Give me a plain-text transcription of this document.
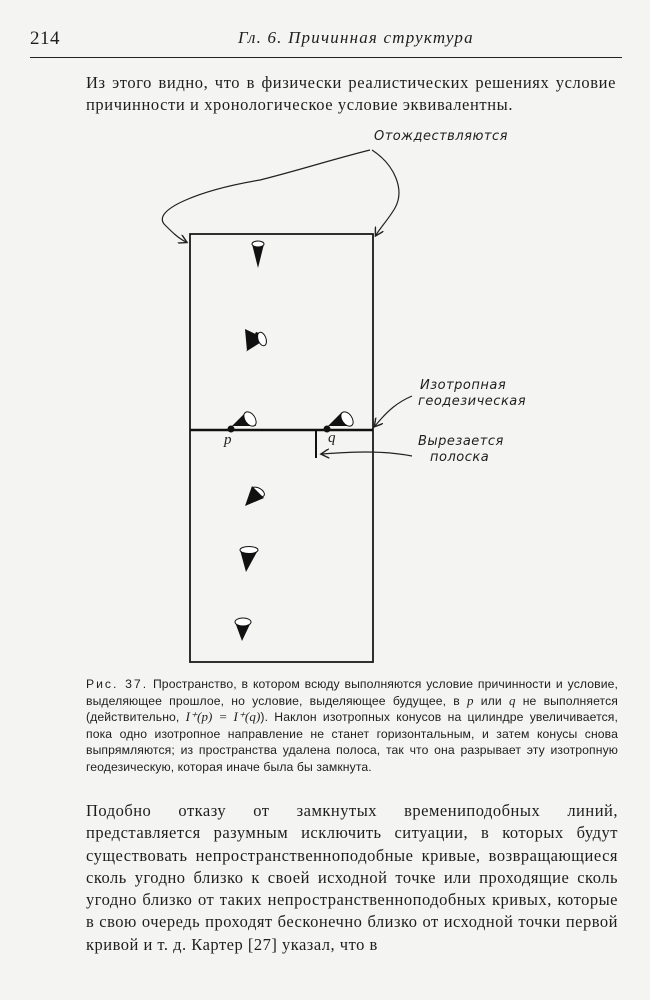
214	Гл. 6. Причинная структура

Из этого видно, что в физически реалистических решениях условие причинности и хронологическое условие эквивалентны.

Отождествляются
Изотропная
геодезическая
Вырезается
полоска
p	q
Рис. 37. Пространство, в котором всюду выполняются условие причинности и условие, выделяющее прошлое, но условие, выделяющее будущее, в p или q не выполняется (действительно, I⁺(p) = I⁺(q)). Наклон изотропных конусов на цилиндре увеличивается, пока одно изотропное направление не станет горизонтальным, и затем конусы снова выпрямляются; из пространства удалена полоса, так что она разрывает эту изотропную геодезическую, которая иначе была бы замкнута.

Подобно отказу от замкнутых времениподобных линий, представляется разумным исключить ситуации, в которых будут существовать непространственноподобные кривые, возвращающиеся сколь угодно близко к своей исходной точке или проходящие сколь угодно близко от таких непространственноподобных кривых, которые в свою очередь проходят бесконечно близко от исходной точки первой кривой и т. д. Картер [27] указал, что в
